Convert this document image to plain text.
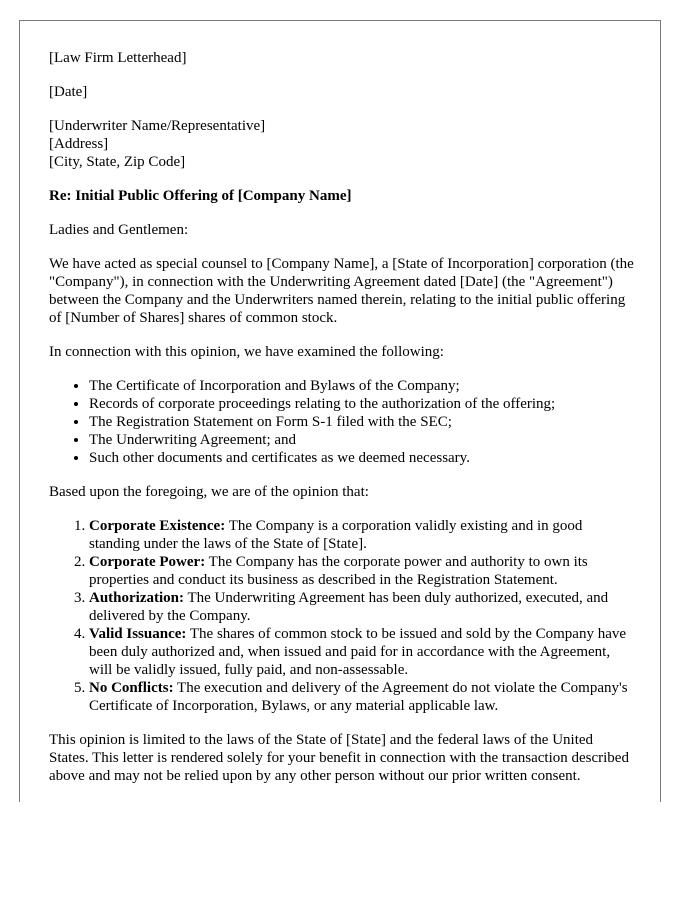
[Law Firm Letterhead]

[Date]

[Underwriter Name/Representative]
[Address]
[City, State, Zip Code]

Re: Initial Public Offering of [Company Name]

Ladies and Gentlemen:

We have acted as special counsel to [Company Name], a [State of Incorporation] corporation (the "Company"), in connection with the Underwriting Agreement dated [Date] (the "Agreement") between the Company and the Underwriters named therein, relating to the initial public offering of [Number of Shares] shares of common stock.

In connection with this opinion, we have examined the following:

• The Certificate of Incorporation and Bylaws of the Company;
• Records of corporate proceedings relating to the authorization of the offering;
• The Registration Statement on Form S-1 filed with the SEC;
• The Underwriting Agreement; and
• Such other documents and certificates as we deemed necessary.

Based upon the foregoing, we are of the opinion that:

1. Corporate Existence: The Company is a corporation validly existing and in good standing under the laws of the State of [State].
2. Corporate Power: The Company has the corporate power and authority to own its properties and conduct its business as described in the Registration Statement.
3. Authorization: The Underwriting Agreement has been duly authorized, executed, and delivered by the Company.
4. Valid Issuance: The shares of common stock to be issued and sold by the Company have been duly authorized and, when issued and paid for in accordance with the Agreement, will be validly issued, fully paid, and non-assessable.
5. No Conflicts: The execution and delivery of the Agreement do not violate the Company's Certificate of Incorporation, Bylaws, or any material applicable law.

This opinion is limited to the laws of the State of [State] and the federal laws of the United States. This letter is rendered solely for your benefit in connection with the transaction described above and may not be relied upon by any other person without our prior written consent.
